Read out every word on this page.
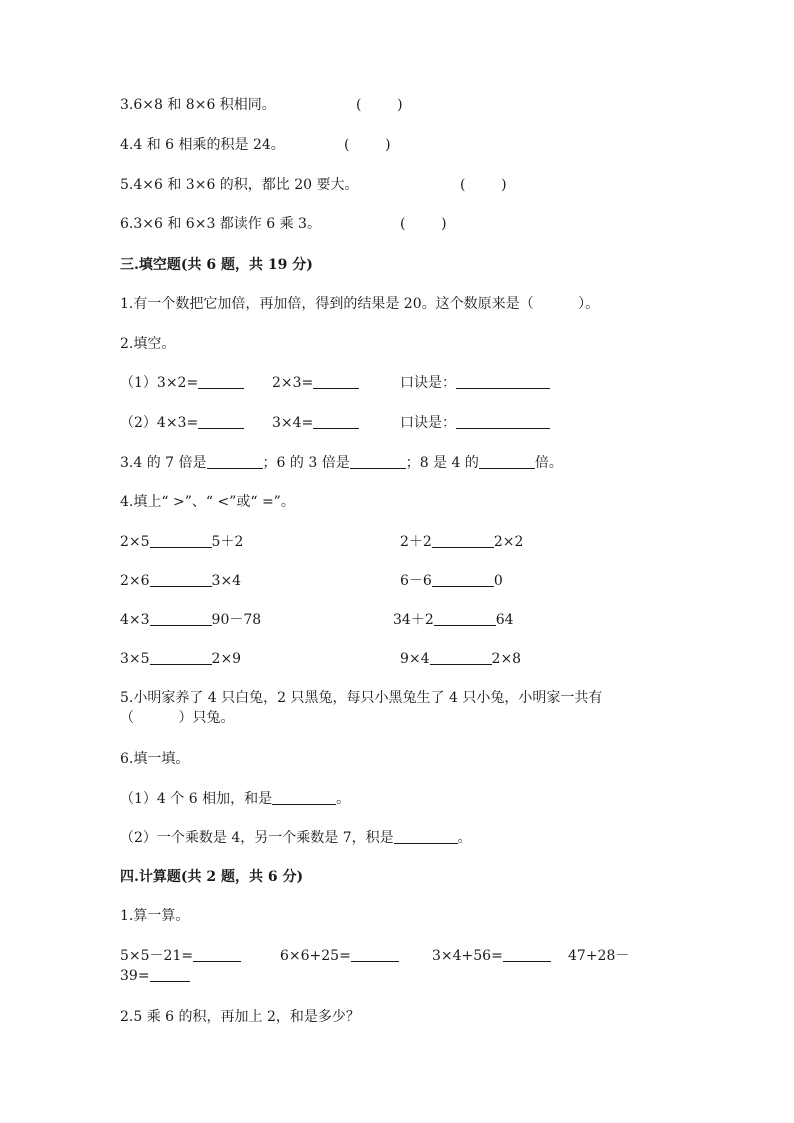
3.6×8 和 8×6 积相同。	(        )
4.4 和 6 相乘的积是 24。	(        )
5.4×6 和 3×6 的积，都比 20 要大。	(        )
6.3×6 和 6×3 都读作 6 乘 3。	(        )
三.填空题(共 6 题，共 19 分)
1.有一个数把它加倍，再加倍，得到的结果是 20。这个数原来是（          ）。
2.填空。
（1）3×2=	2×3=	口诀是：
（2）4×3=	3×4=	口诀是：
3.4 的 7 倍是	；6 的 3 倍是	；8 是 4 的	倍。
4.填上“ >”、“ <”或“ =”。
2×5	5＋2	2＋2	2×2
2×6	3×4	6－6	0
4×3	90－78	34＋2	64
3×5	2×9	9×4	2×8
5.小明家养了 4 只白兔，2 只黑兔，每只小黑兔生了 4 只小兔，小明家一共有
（          ）只兔。
6.填一填。
（1）4 个 6 相加，和是	。
（2）一个乘数是 4，另一个乘数是 7，积是	。
四.计算题(共 2 题，共 6 分)
1.算一算。
5×5－21=	6×6+25=	3×4+56=	47+28－
39=
2.5 乘 6 的积，再加上 2，和是多少？
